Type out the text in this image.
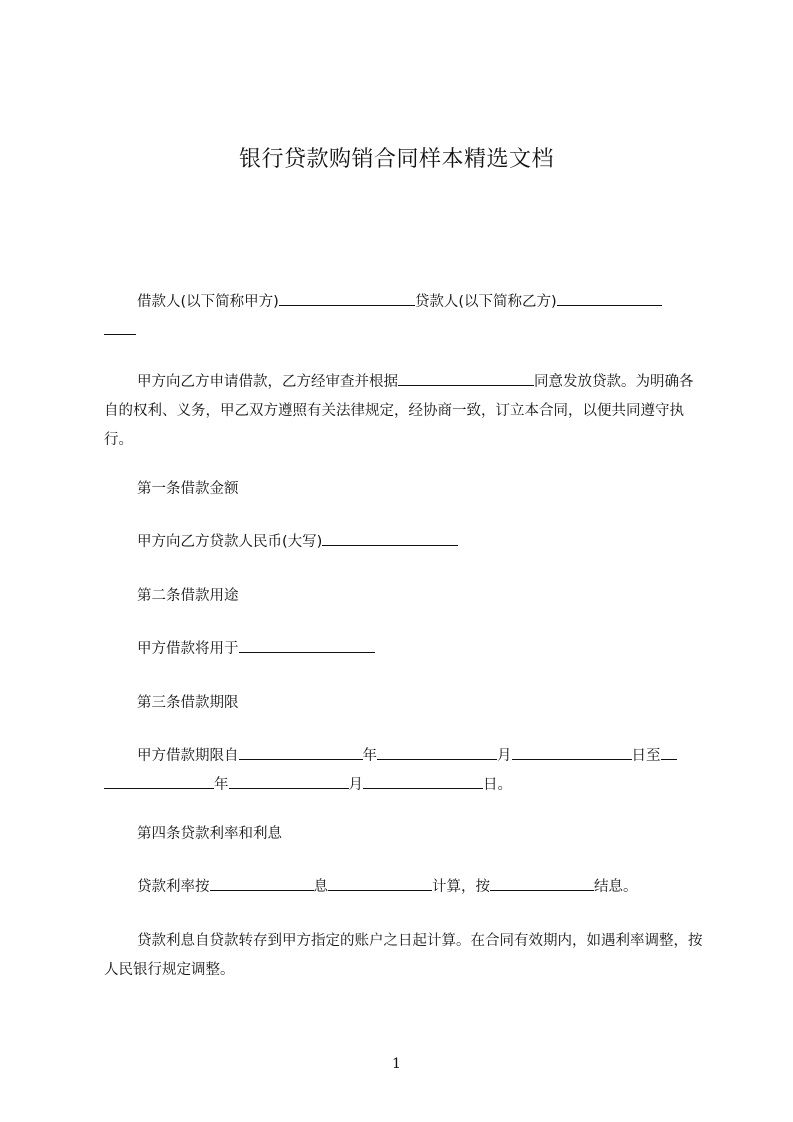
银行贷款购销合同样本精选文档
借款人(以下简称甲方)	贷款人(以下简称乙方)

甲方向乙方申请借款，乙方经审查并根据	同意发放贷款。为明确各自的权利、义务，甲乙双方遵照有关法律规定，经协商一致，订立本合同，以便共同遵守执行。
第一条借款金额
甲方向乙方贷款人民币(大写)
第二条借款用途
甲方借款将用于
第三条借款期限
甲方借款期限自	年	月	日至
年	月	日。
第四条贷款利率和利息
贷款利率按	息	计算，按	结息。
贷款利息自贷款转存到甲方指定的账户之日起计算。在合同有效期内，如遇利率调整，按人民银行规定调整。
1
